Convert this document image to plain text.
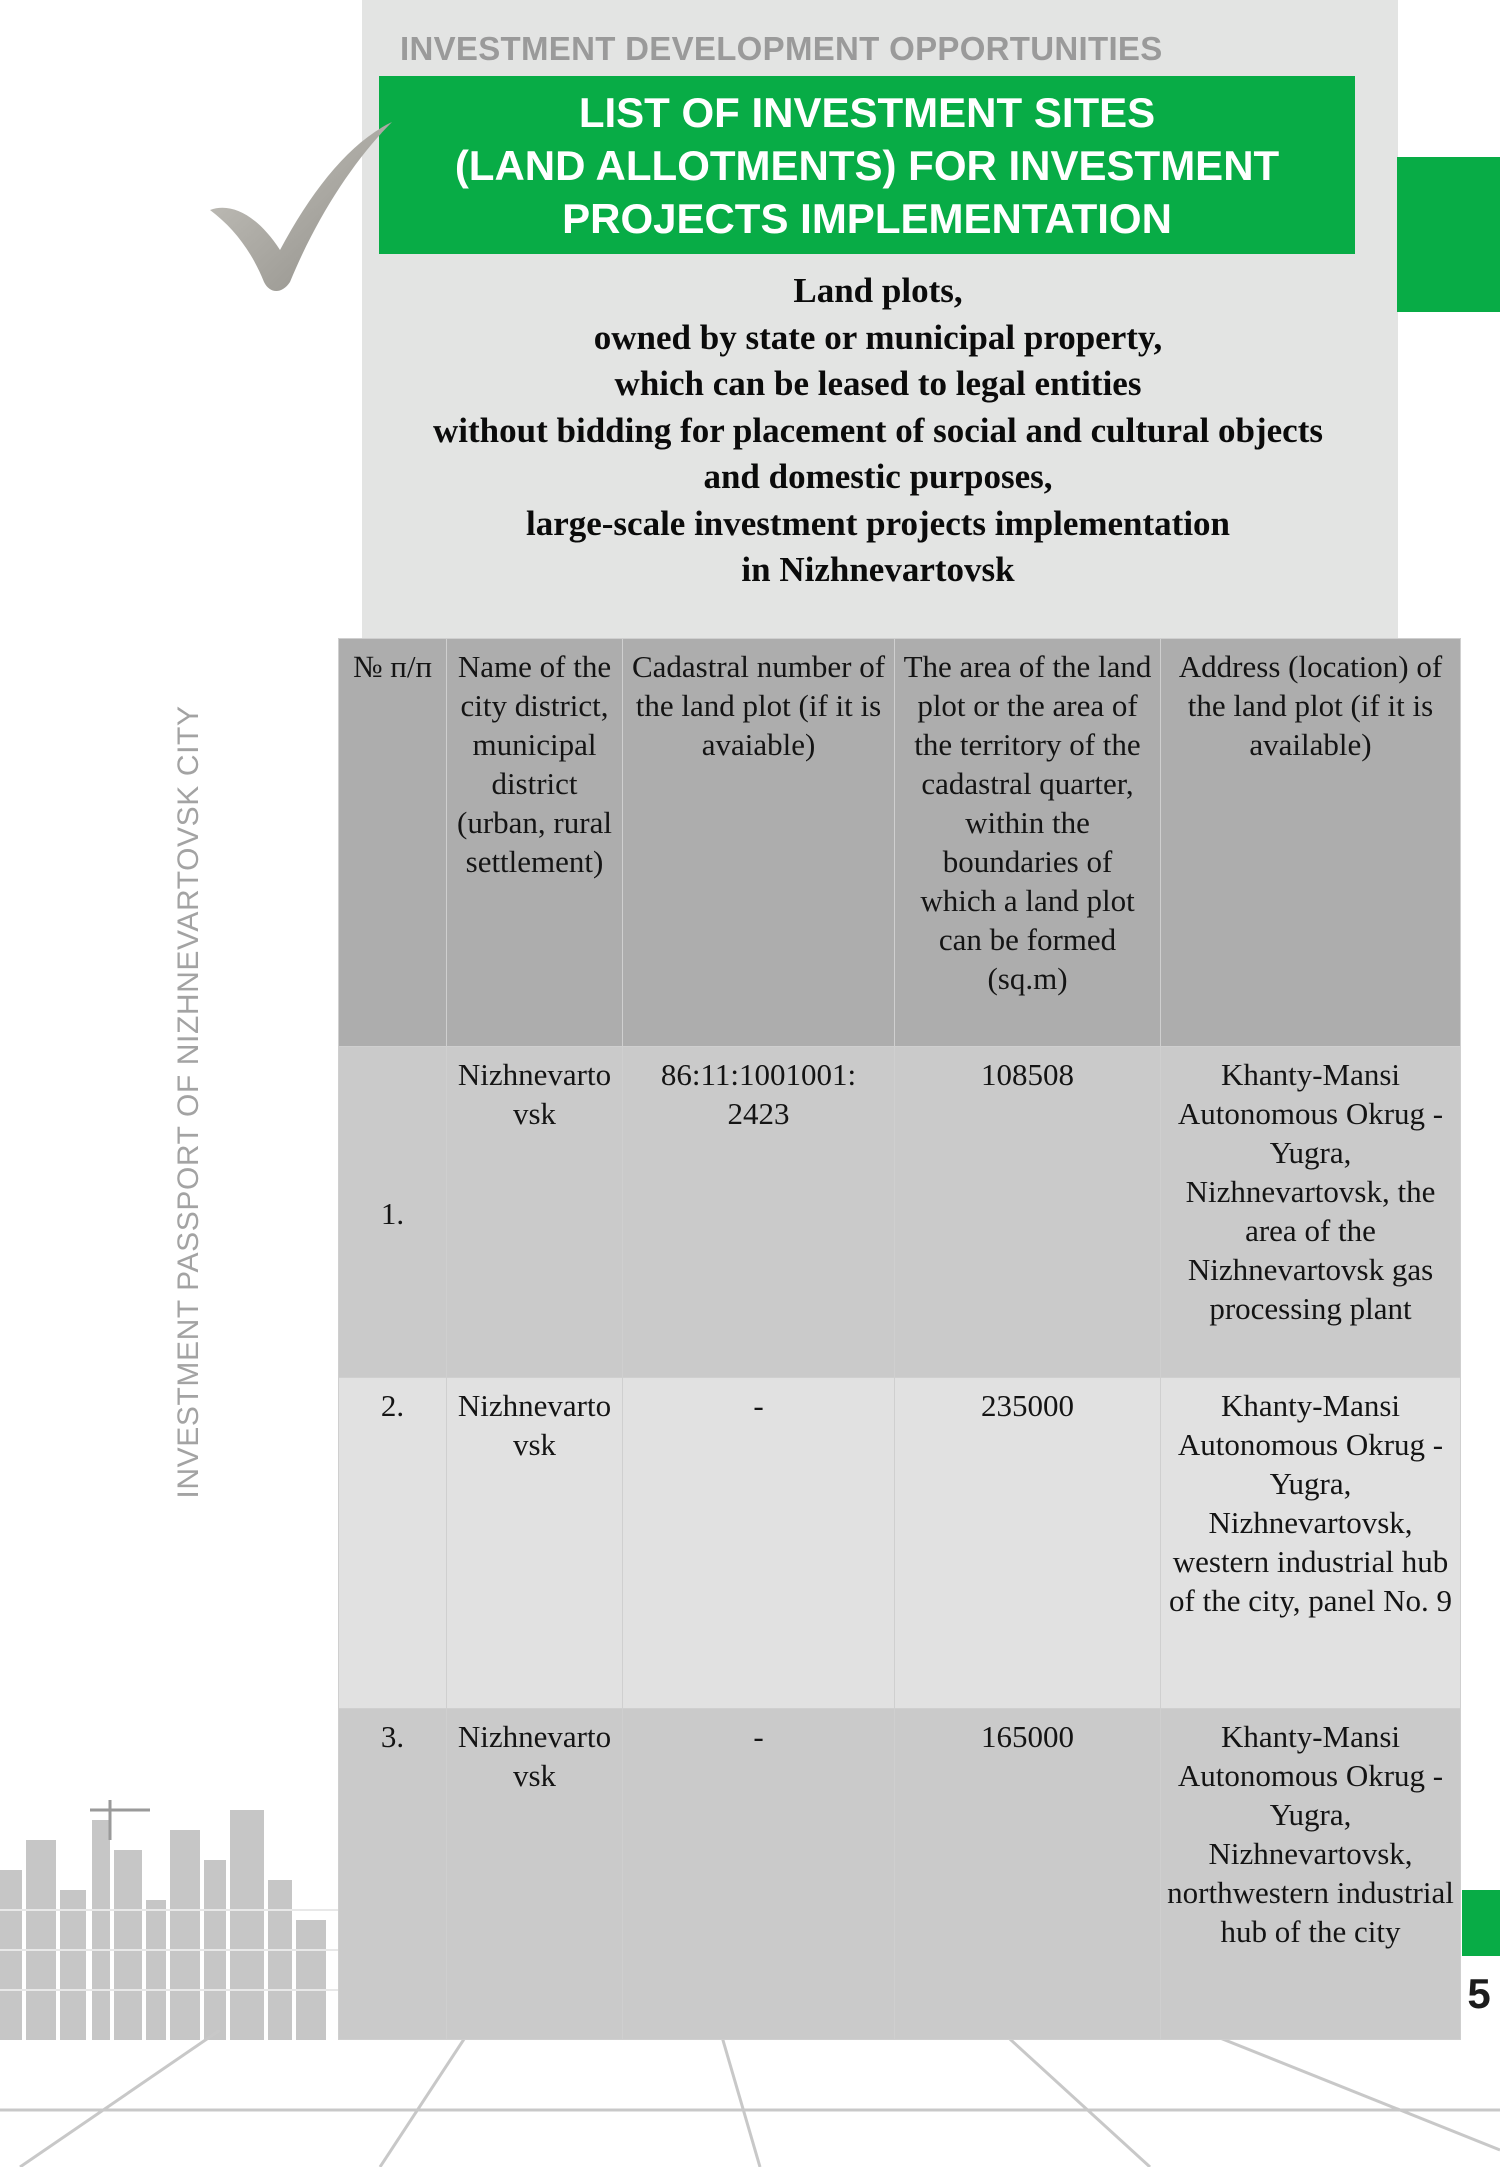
INVESTMENT DEVELOPMENT OPPORTUNITIES
LIST OF INVESTMENT SITES
(LAND ALLOTMENTS) FOR INVESTMENT
PROJECTS IMPLEMENTATION
Land plots,
owned by state or municipal property,
which can be leased to legal entities
without bidding for placement of social and cultural objects
and domestic purposes,
large-scale investment projects implementation
in Nizhnevartovsk
5
INVESTMENT PASSPORT OF NIZHNEVARTOVSK CITY
№ п/п	Name of the city district, municipal district (urban, rural settlement)	Cadastral number of the land plot (if it is avaiable)	The area of the land plot or the area of the territory of the cadastral quarter, within the boundaries of which a land plot can be formed (sq.m)	Address (location) of the land plot (if it is available)
1.	Nizhnevartovsk	86:11:1001001: 2423	108508	Khanty-Mansi Autonomous Okrug - Yugra, Nizhnevartovsk, the area of the Nizhnevartovsk gas processing plant
2.	Nizhnevartovsk	-	235000	Khanty-Mansi Autonomous Okrug - Yugra, Nizhnevartovsk, western industrial hub of the city, panel No. 9
3.	Nizhnevartovsk	-	165000	Khanty-Mansi Autonomous Okrug - Yugra, Nizhnevartovsk, northwestern industrial hub of the city
